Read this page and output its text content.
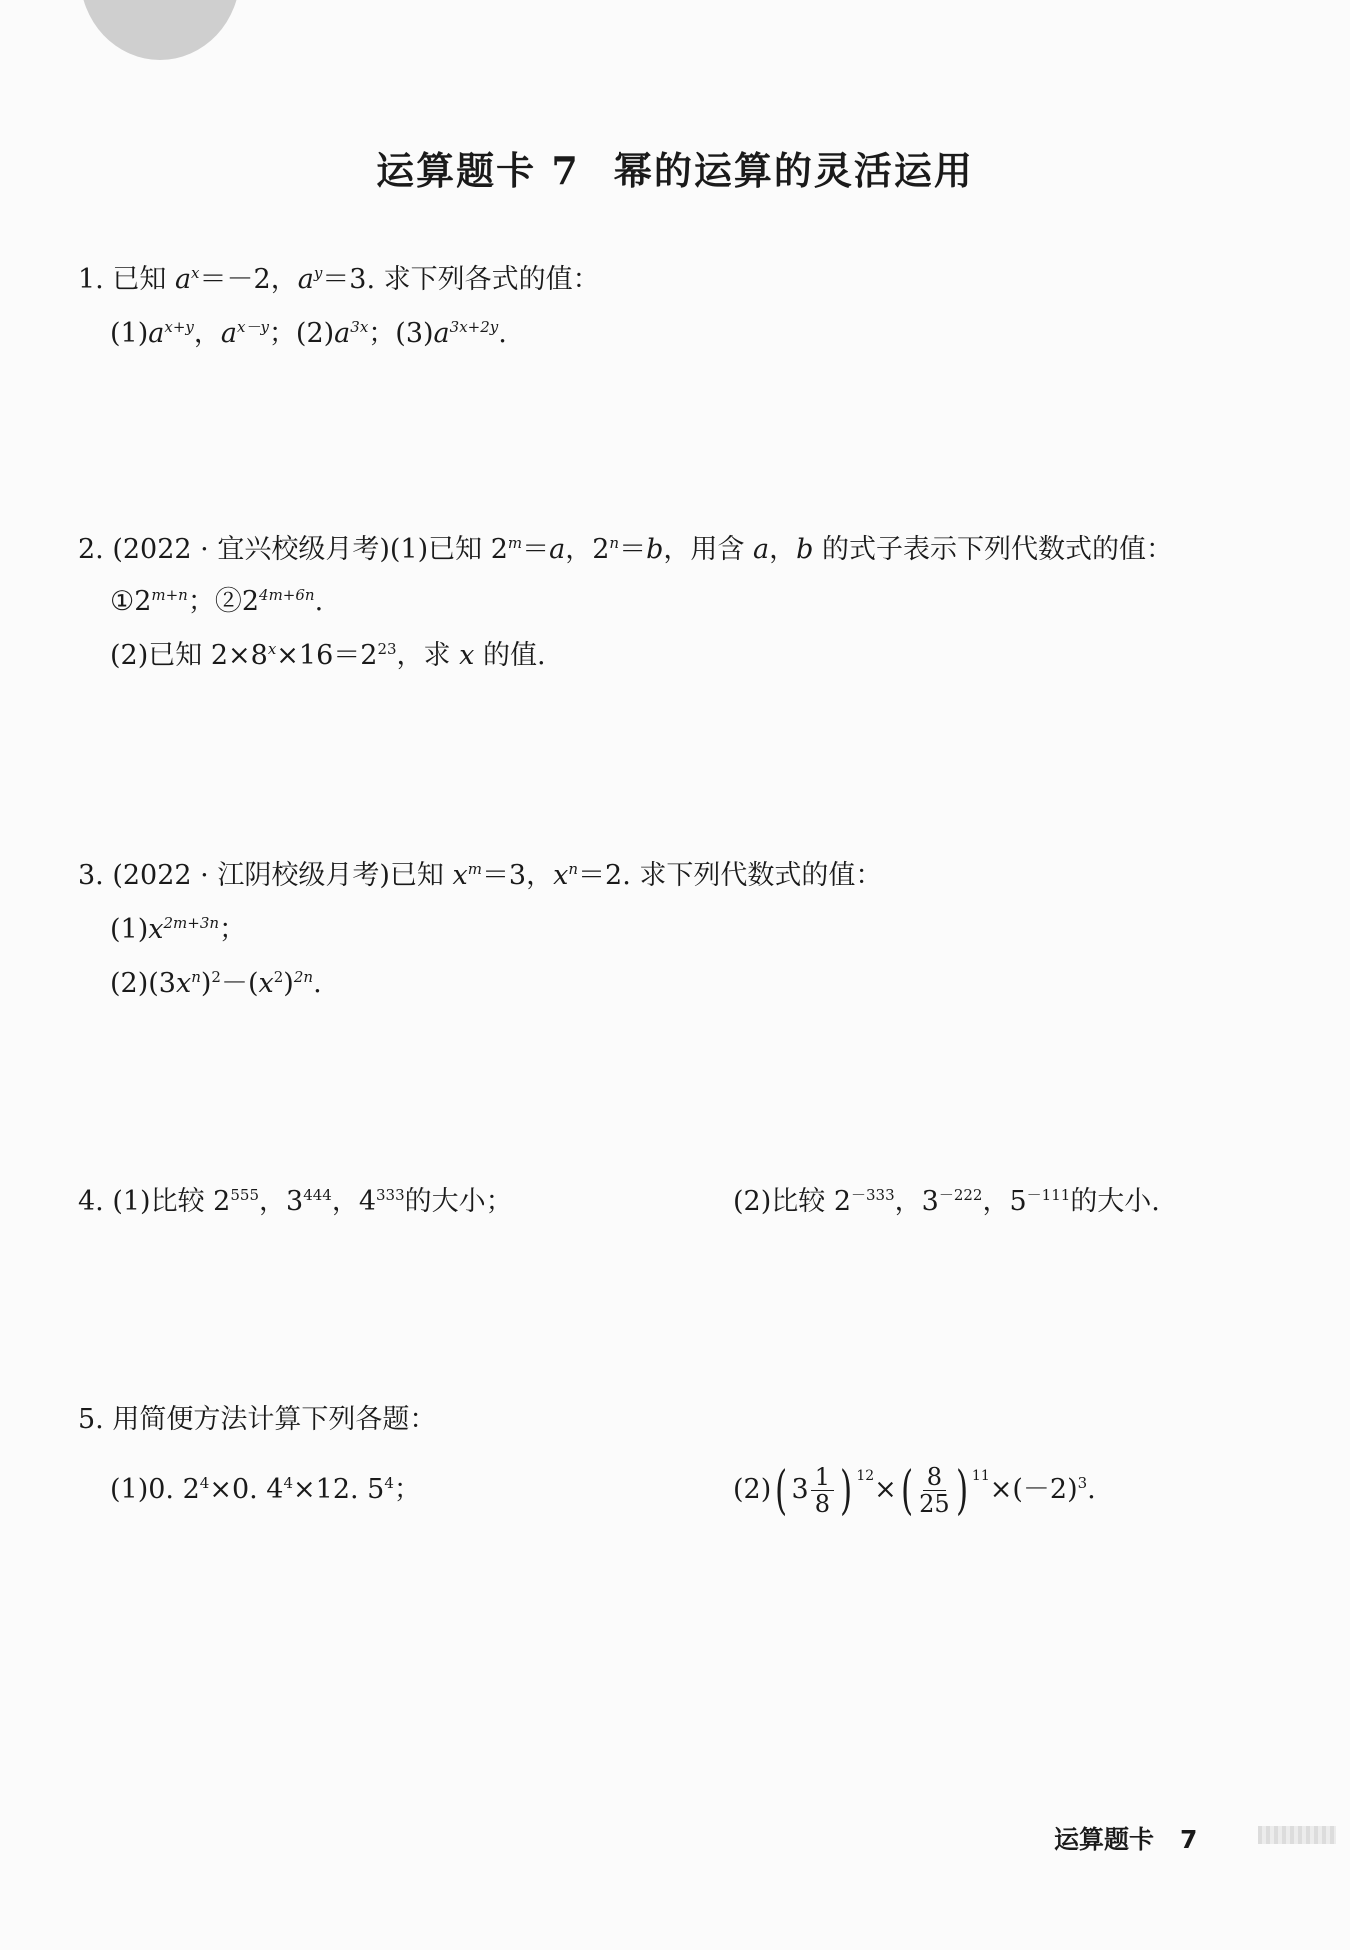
运算题卡 7 幂的运算的灵活运用
1. 已知 $a^x=-2$，$a^y=3$. 求下列各式的值：
$(1)a^{x+y}$，$a^{x-y}$；$(2)a^{3x}$；$(3)a^{3x+2y}$.
2. (2022 · 宜兴校级月考)(1)已知 $2^m=a$，$2^n=b$，用含 a，b 的式子表示下列代数式的值：
$①2^{m+n}$；$②2^{4m+6n}$.
(2)已知 $2\times 8^x\times 16=2^{23}$，求 x 的值.
3. (2022 · 江阴校级月考)已知 $x^m=3$，$x^n=2$. 求下列代数式的值：
$(1)x^{2m+3n}$；
$(2)(3x^n)^2-(x^2)^{2n}$.
4. (1)比较 $2^{555}$，$3^{444}$，$4^{333}$的大小；	(2)比较 $2^{-333}$，$3^{-222}$，$5^{-111}$的大小.
5. 用简便方法计算下列各题：
(1)0. $2^4\times 0$. $4^4\times 12$. $5^4$；	(2)( $3 \frac{1}{8}$ ) $^{12}\times( \frac{8}{25}$ ) $^{11}\times(-2)^3$.
运算题卡 7
